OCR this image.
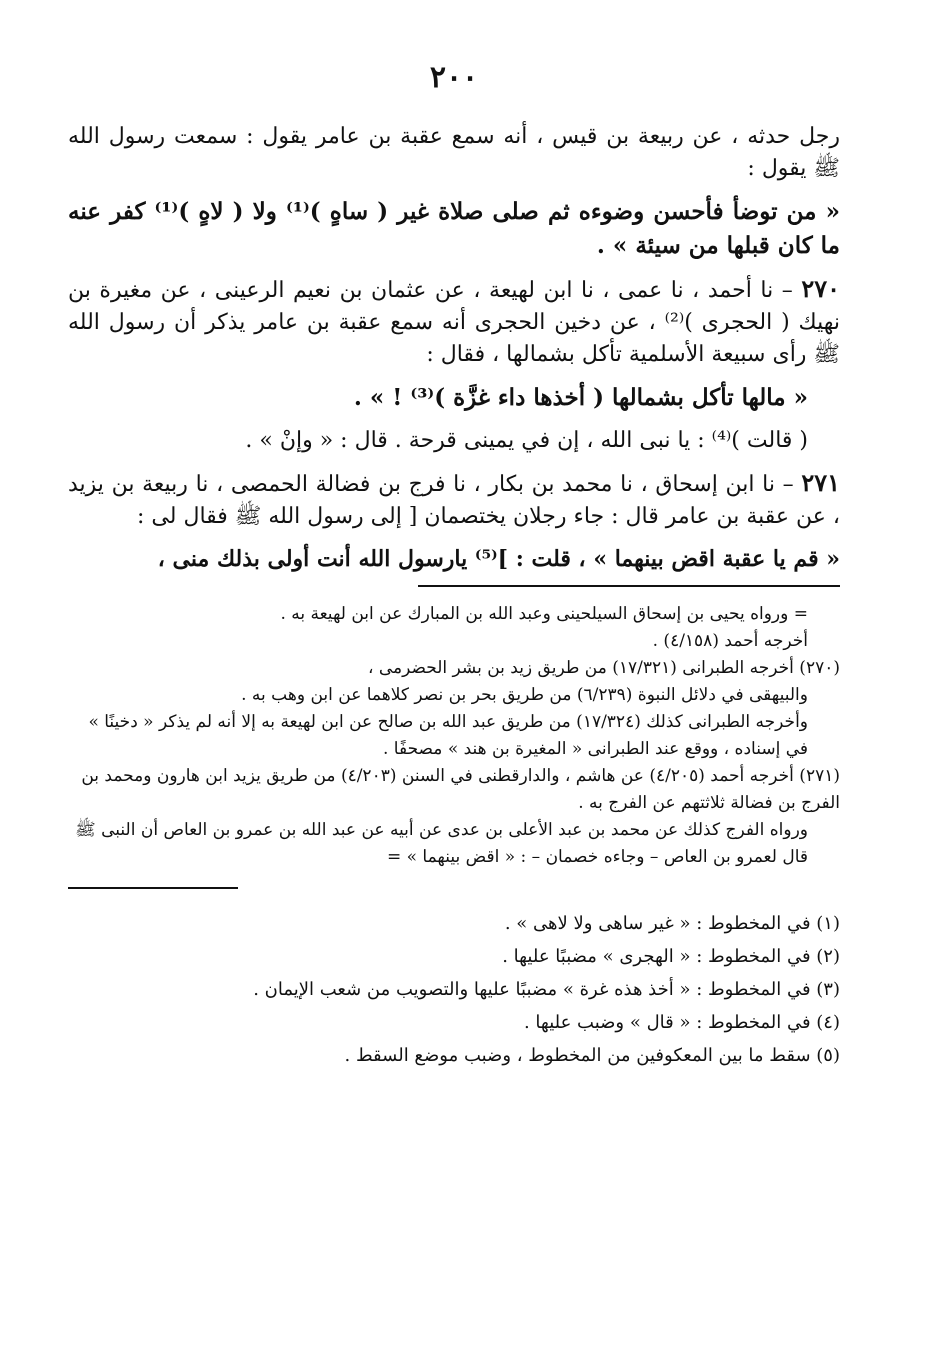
٢٠٠

رجل حدثه ، عن ربيعة بن قيس ، أنه سمع عقبة بن عامر يقول : سمعت رسول الله ﷺ يقول :

« من توضأ فأحسن وضوءه ثم صلى صلاة غير ( ساهٍ )⁽¹⁾ ولا ( لاهٍ )⁽¹⁾ كفر عنه ما كان قبلها من سيئة » .

٢٧٠ – نا أحمد ، نا عمى ، نا ابن لهيعة ، عن عثمان بن نعيم الرعينى ، عن مغيرة بن نهيك ( الحجرى )⁽²⁾ ، عن دخين الحجرى أنه سمع عقبة بن عامر يذكر أن رسول الله ﷺ رأى سبيعة الأسلمية تأكل بشمالها ، فقال :

« مالها تأكل بشمالها ( أخذها داء غزَّة )⁽³⁾ ! » .

( قالت )⁽⁴⁾ : يا نبى الله ، إن في يمينى قرحة . قال : « وإنْ » .

٢٧١ – نا ابن إسحاق ، نا محمد بن بكار ، نا فرج بن فضالة الحمصى ، نا ربيعة بن يزيد ، عن عقبة بن عامر قال : جاء رجلان يختصمان [ إلى رسول الله ﷺ فقال لى :

« قم يا عقبة اقض بينهما » ، قلت : ]⁽⁵⁾ يارسول الله أنت أولى بذلك منى ،

= ورواه يحيى بن إسحاق السيلحينى وعبد الله بن المبارك عن ابن لهيعة به .
أخرجه أحمد (٤/١٥٨) .
(٢٧٠) أخرجه الطبرانى (١٧/٣٢١) من طريق زيد بن بشر الحضرمى ،
والبيهقى في دلائل النبوة (٦/٢٣٩) من طريق بحر بن نصر كلاهما عن ابن وهب به .
وأخرجه الطبرانى كذلك (١٧/٣٢٤) من طريق عبد الله بن صالح عن ابن لهيعة به إلا أنه لم يذكر « دخينًا » في إسناده ، ووقع عند الطبرانى « المغيرة بن هند » مصحفًا .
(٢٧١) أخرجه أحمد (٤/٢٠٥) عن هاشم ، والدارقطنى في السنن (٤/٢٠٣) من طريق يزيد ابن هارون ومحمد بن الفرج بن فضالة ثلاثتهم عن الفرج به .
ورواه الفرج كذلك عن محمد بن عبد الأعلى بن عدى عن أبيه عن عبد الله بن عمرو بن العاص أن النبى ﷺ قال لعمرو بن العاص – وجاءه خصمان – : « اقض بينهما » =
(١) في المخطوط : « غير ساهى ولا لاهى » .
(٢) في المخطوط : « الهجرى » مضببًا عليها .
(٣) في المخطوط : « أخذ هذه غرة » مضببًا عليها والتصويب من شعب الإيمان .
(٤) في المخطوط : « قال » وضبب عليها .
(٥) سقط ما بين المعكوفين من المخطوط ، وضبب موضع السقط .
